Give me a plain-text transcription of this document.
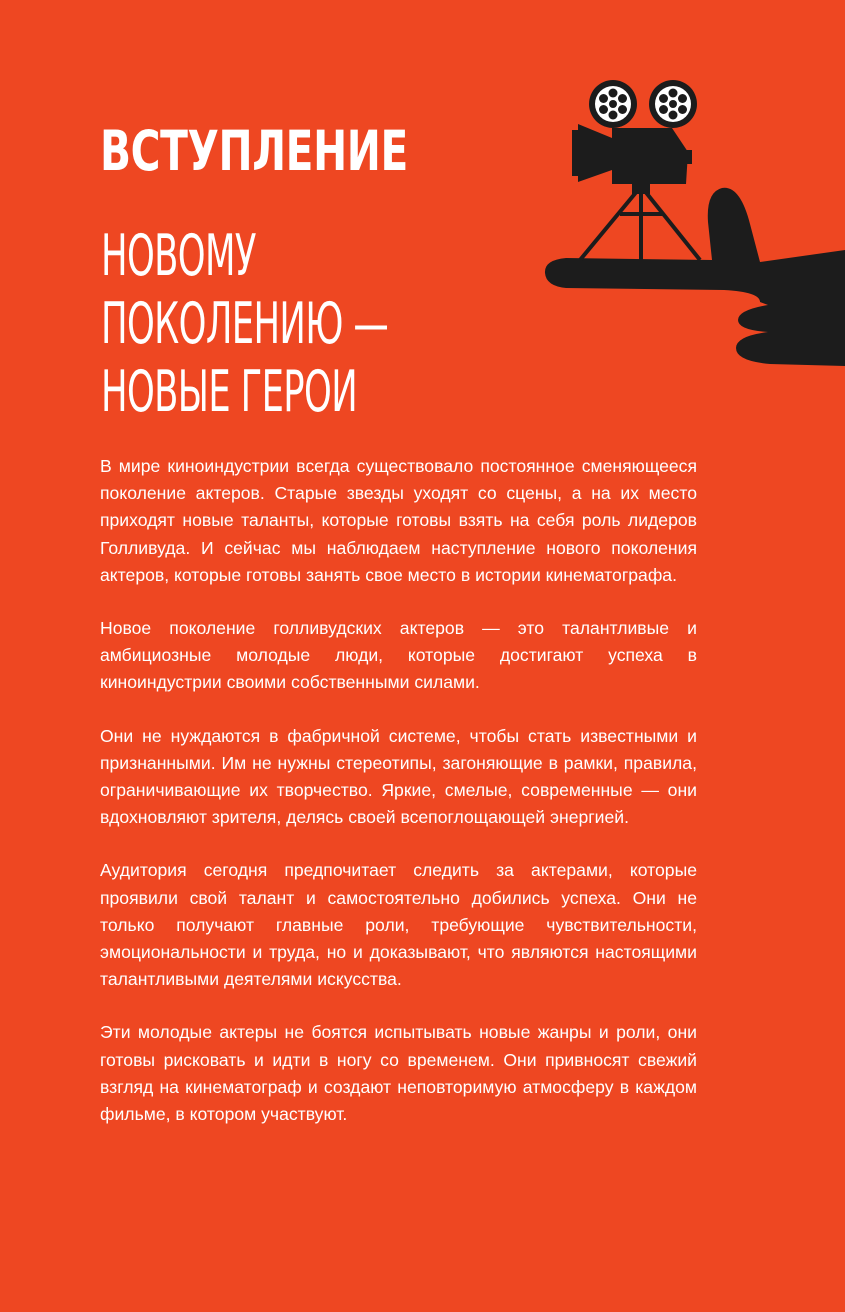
ВСТУПЛЕНИЕ
НОВОМУ
ПОКОЛЕНИЮ —
НОВЫЕ ГЕРОИ

В мире киноиндустрии всегда существовало постоянное сменяющееся поколение актеров. Старые звезды уходят со сцены, а на их место приходят новые таланты, которые готовы взять на себя роль лидеров Голливуда. И сейчас мы наблюдаем наступление нового поколения актеров, которые готовы занять свое место в истории кинематографа.

Новое поколение голливудских актеров — это талантливые и амбициозные молодые люди, которые достигают успеха в киноиндустрии своими собственными силами.

Они не нуждаются в фабричной системе, чтобы стать известными и признанными. Им не нужны стереотипы, загоняющие в рамки, правила, ограничивающие их творчество. Яркие, смелые, современные — они вдохновляют зрителя, делясь своей всепоглощающей энергией.

Аудитория сегодня предпочитает следить за актерами, которые проявили свой талант и самостоятельно добились успеха. Они не только получают главные роли, требующие чувствительности, эмоциональности и труда, но и доказывают, что являются настоящими талантливыми деятелями искусства.

Эти молодые актеры не боятся испытывать новые жанры и роли, они готовы рисковать и идти в ногу со временем. Они привносят свежий взгляд на кинематограф и создают неповторимую атмосферу в каждом фильме, в котором участвуют.
